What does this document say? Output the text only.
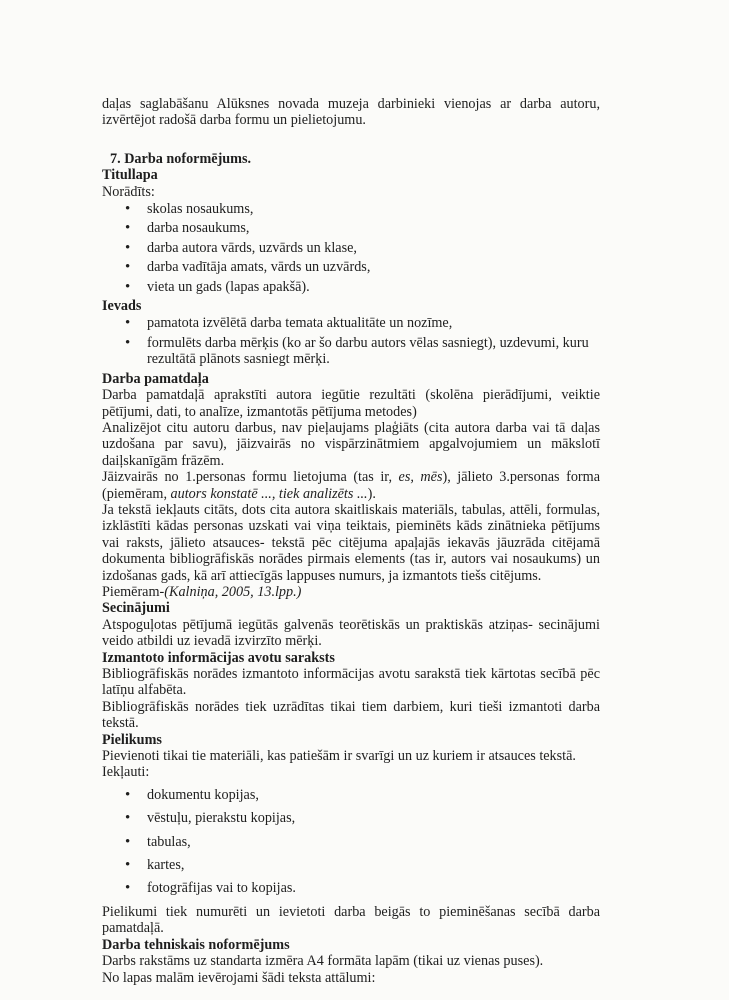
daļas saglabāšanu Alūksnes novada muzeja darbinieki vienojas ar darba autoru, izvērtējot radošā darba formu un pielietojumu.

7. Darba noformējums.

Titullapa

Norādīts:

• skolas nosaukums,
• darba nosaukums,
• darba autora vārds, uzvārds un klase,
• darba vadītāja amats, vārds un uzvārds,
• vieta un gads (lapas apakšā).

Ievads

• pamatota izvēlētā darba temata aktualitāte un nozīme,
• formulēts darba mērķis (ko ar šo darbu autors vēlas sasniegt), uzdevumi, kuru rezultātā plānots sasniegt mērķi.

Darba pamatdaļa

Darba pamatdaļā aprakstīti autora iegūtie rezultāti (skolēna pierādījumi, veiktie pētījumi, dati, to analīze, izmantotās pētījuma metodes)

Analizējot citu autoru darbus, nav pieļaujams plaģiāts (cita autora darba vai tā daļas uzdošana par savu), jāizvairās no vispārzinātmiem apgalvojumiem un mākslotī daiļskanīgām frāzēm.

Jāizvairās no 1.personas formu lietojuma (tas ir, es, mēs), jālieto 3.personas forma (piemēram, autors konstatē ..., tiek analizēts ...).

Ja tekstā iekļauts citāts, dots cita autora skaitliskais materiāls, tabulas, attēli, formulas, izklāstīti kādas personas uzskati vai viņa teiktais, pieminēts kāds zinātnieka pētījums vai raksts, jālieto atsauces- tekstā pēc citējuma apaļajās iekavās jāuzrāda citējamā dokumenta bibliogrāfiskās norādes pirmais elements (tas ir, autors vai nosaukums) un izdošanas gads, kā arī attiecīgās lappuses numurs, ja izmantots tiešs citējums.

Piemēram-(Kalniņa, 2005, 13.lpp.)

Secinājumi

Atspoguļotas pētījumā iegūtās galvenās teorētiskās un praktiskās atziņas- secinājumi veido atbildi uz ievadā izvirzīto mērķi.

Izmantoto informācijas avotu saraksts

Bibliogrāfiskās norādes izmantoto informācijas avotu sarakstā tiek kārtotas secībā pēc latīņu alfabēta.

Bibliogrāfiskās norādes tiek uzrādītas tikai tiem darbiem, kuri tieši izmantoti darba tekstā.

Pielikums

Pievienoti tikai tie materiāli, kas patiešām ir svarīgi un uz kuriem ir atsauces tekstā.

Iekļauti:

• dokumentu kopijas,
• vēstuļu, pierakstu kopijas,
• tabulas,
• kartes,
• fotogrāfijas vai to kopijas.

Pielikumi tiek numurēti un ievietoti darba beigās to pieminēšanas secībā darba pamatdaļā.

Darba tehniskais noformējums

Darbs rakstāms uz standarta izmēra A4 formāta lapām (tikai uz vienas puses).

No lapas malām ievērojami šādi teksta attālumi:
